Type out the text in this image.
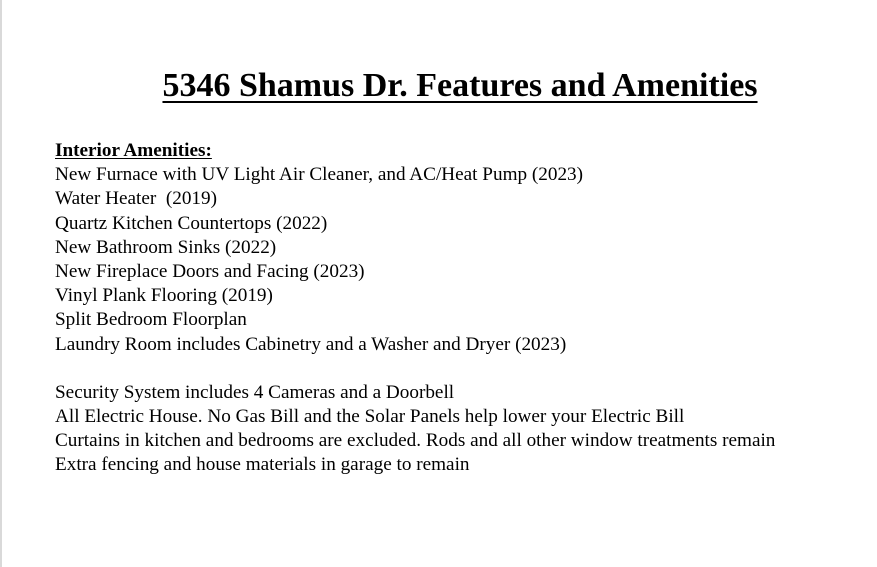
5346 Shamus Dr. Features and Amenities
Interior Amenities:
New Furnace with UV Light Air Cleaner, and AC/Heat Pump (2023)
Water Heater  (2019)
Quartz Kitchen Countertops (2022)
New Bathroom Sinks (2022)
New Fireplace Doors and Facing (2023)
Vinyl Plank Flooring (2019)
Split Bedroom Floorplan
Laundry Room includes Cabinetry and a Washer and Dryer (2023)
Security System includes 4 Cameras and a Doorbell
All Electric House. No Gas Bill and the Solar Panels help lower your Electric Bill
Curtains in kitchen and bedrooms are excluded. Rods and all other window treatments remain
Extra fencing and house materials in garage to remain
